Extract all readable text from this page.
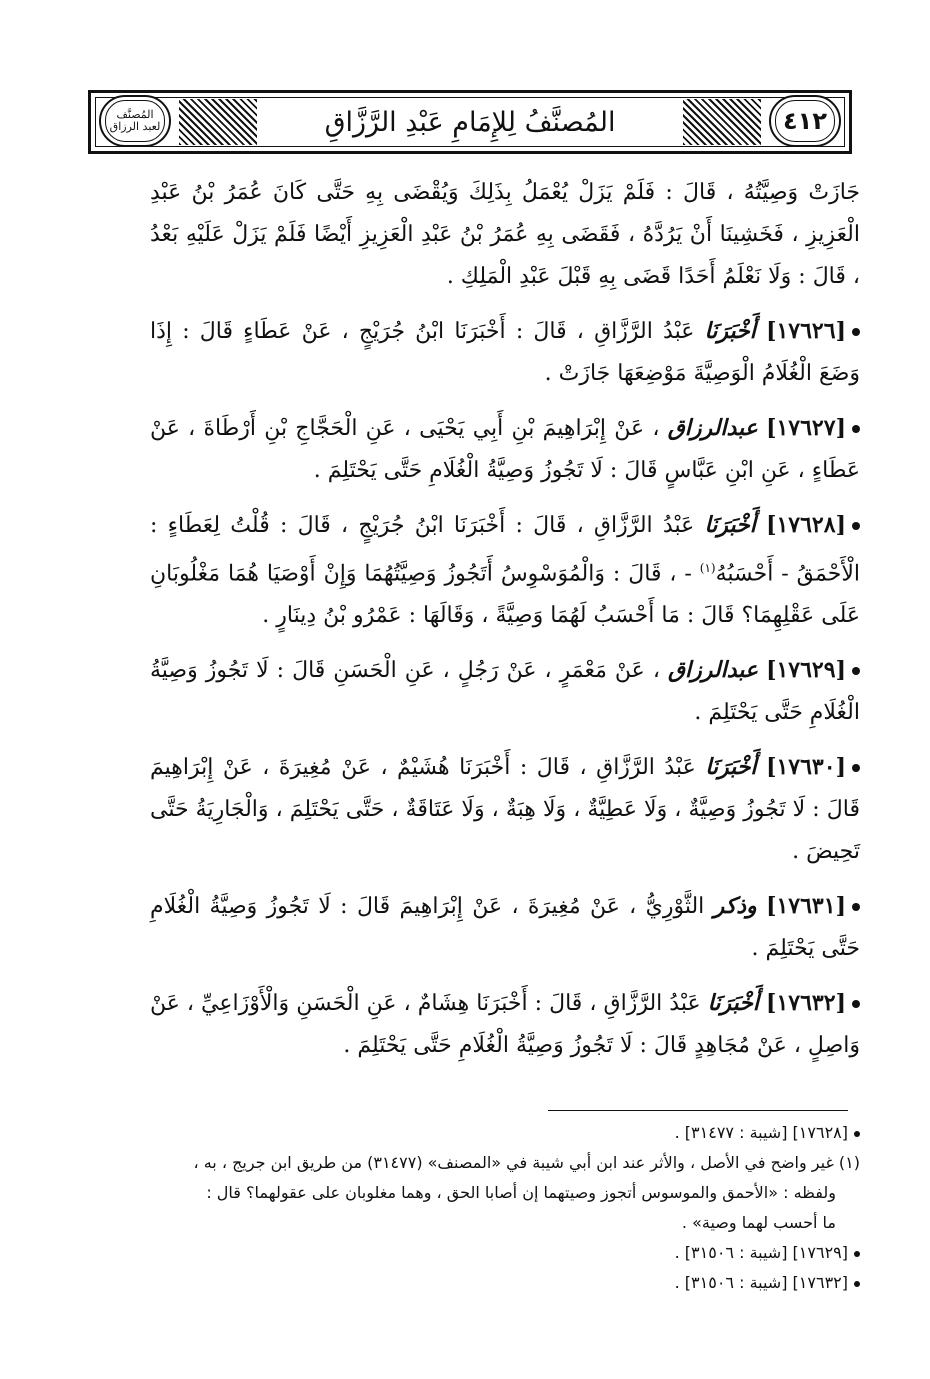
٤١٢
المُصنَّفُ لِلإِمَامِ عَبْدِ الرَّزَّاقِ
المُصنَّف لعبد الرزاق

جَازَتْ وَصِيَّتُهُ ، قَالَ : فَلَمْ يَزَلْ يُعْمَلُ بِذَلِكَ وَيُقْضَى بِهِ حَتَّى كَانَ عُمَرُ بْنُ عَبْدِ الْعَزِيزِ ، فَخَشِينَا أَنْ يَرُدَّهُ ، فَقَضَى بِهِ عُمَرُ بْنُ عَبْدِ الْعَزِيزِ أَيْضًا فَلَمْ يَزَلْ عَلَيْهِ بَعْدُ ، قَالَ : وَلَا نَعْلَمُ أَحَدًا قَضَى بِهِ قَبْلَ عَبْدِ الْمَلِكِ .

[١٧٦٢٦] أَخْبَرَنَا عَبْدُ الرَّزَّاقِ ، قَالَ : أَخْبَرَنَا ابْنُ جُرَيْجٍ ، عَنْ عَطَاءٍ قَالَ : إِذَا وَضَعَ الْغُلَامُ الْوَصِيَّةَ مَوْضِعَهَا جَازَتْ .

[١٧٦٢٧] عبدالرزاق ، عَنْ إِبْرَاهِيمَ بْنِ أَبِي يَحْيَى ، عَنِ الْحَجَّاجِ بْنِ أَرْطَاةَ ، عَنْ عَطَاءٍ ، عَنِ ابْنِ عَبَّاسٍ قَالَ : لَا تَجُوزُ وَصِيَّةُ الْغُلَامِ حَتَّى يَحْتَلِمَ .

[١٧٦٢٨] أَخْبَرَنَا عَبْدُ الرَّزَّاقِ ، قَالَ : أَخْبَرَنَا ابْنُ جُرَيْجٍ ، قَالَ : قُلْتُ لِعَطَاءٍ : الْأَحْمَقُ - أَحْسَبُهُ$^{(١)}$ - ، قَالَ : وَالْمُوَسْوِسُ أَتَجُوزُ وَصِيَّتُهُمَا وَإِنْ أَوْصَيَا هُمَا مَغْلُوبَانِ عَلَى عَقْلِهِمَا؟ قَالَ : مَا أَحْسَبُ لَهُمَا وَصِيَّةً ، وَقَالَهَا : عَمْرُو بْنُ دِينَارٍ .

[١٧٦٢٩] عبدالرزاق ، عَنْ مَعْمَرٍ ، عَنْ رَجُلٍ ، عَنِ الْحَسَنِ قَالَ : لَا تَجُوزُ وَصِيَّةُ الْغُلَامِ حَتَّى يَحْتَلِمَ .

[١٧٦٣٠] أَخْبَرَنَا عَبْدُ الرَّزَّاقِ ، قَالَ : أَخْبَرَنَا هُشَيْمٌ ، عَنْ مُغِيرَةَ ، عَنْ إِبْرَاهِيمَ قَالَ : لَا تَجُوزُ وَصِيَّةٌ ، وَلَا عَطِيَّةٌ ، وَلَا هِبَةٌ ، وَلَا عَتَاقَةٌ ، حَتَّى يَحْتَلِمَ ، وَالْجَارِيَةُ حَتَّى تَحِيضَ .

[١٧٦٣١] وذكر الثَّوْرِيُّ ، عَنْ مُغِيرَةَ ، عَنْ إِبْرَاهِيمَ قَالَ : لَا تَجُوزُ وَصِيَّةُ الْغُلَامِ حَتَّى يَحْتَلِمَ .

[١٧٦٣٢] أَخْبَرَنَا عَبْدُ الرَّزَّاقِ ، قَالَ : أَخْبَرَنَا هِشَامٌ ، عَنِ الْحَسَنِ وَالْأَوْزَاعِيِّ ، عَنْ وَاصِلٍ ، عَنْ مُجَاهِدٍ قَالَ : لَا تَجُوزُ وَصِيَّةُ الْغُلَامِ حَتَّى يَحْتَلِمَ .

[١٧٦٢٨] [شيبة : ٣١٤٧٧] .

(١) غير واضح في الأصل ، والأثر عند ابن أبي شيبة في «المصنف» (٣١٤٧٧) من طريق ابن جريج ، به ،

ولفظه : «الأحمق والموسوس أتجوز وصيتهما إن أصابا الحق ، وهما مغلوبان على عقولهما؟ قال :

ما أحسب لهما وصية» .

[١٧٦٢٩] [شيبة : ٣١٥٠٦] .

[١٧٦٣٢] [شيبة : ٣١٥٠٦] .
